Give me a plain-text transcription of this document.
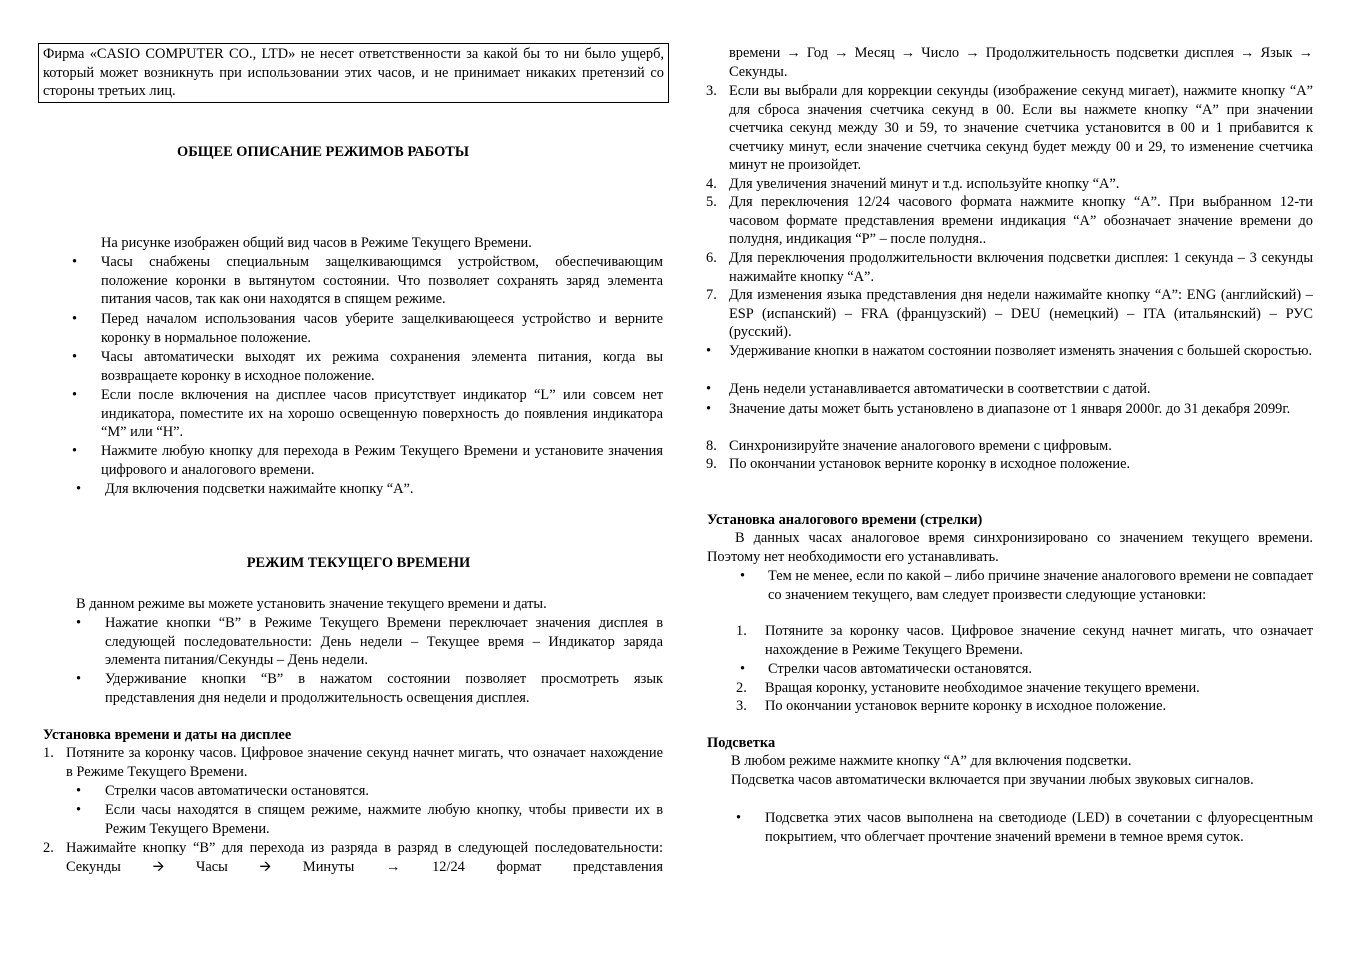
Фирма «CASIO COMPUTER CO., LTD» не несет ответственности за какой бы то ни было ущерб, который может возникнуть при использовании этих часов, и не принимает никаких претензий со стороны третьих лиц.

ОБЩЕЕ ОПИСАНИЕ РЕЖИМОВ РАБОТЫ
На рисунке изображен общий вид часов в Режиме Текущего Времени.
• Часы снабжены специальным защелкивающимся устройством, обеспечивающим положение коронки в вытянутом состоянии. Что позволяет сохранять заряд элемента питания часов, так как они находятся в спящем режиме.

• Перед началом использования часов уберите защелкивающееся устройство и верните коронку в нормальное положение.

• Часы автоматически выходят их режима сохранения элемента питания, когда вы возвращаете коронку в исходное положение.

• Если после включения на дисплее часов присутствует индикатор “L” или совсем нет индикатора, поместите их на хорошо освещенную поверхность до появления индикатора “M” или “H”.

• Нажмите любую кнопку для перехода в Режим Текущего Времени и установите значения цифрового и аналогового времени.

• Для включения подсветки нажимайте кнопку “A”.

РЕЖИМ ТЕКУЩЕГО ВРЕМЕНИ
В данном режиме вы можете установить значение текущего времени и даты.
• Нажатие кнопки “B” в Режиме Текущего Времени переключает значения дисплея в следующей последовательности: День недели – Текущее время – Индикатор заряда элемента питания/Секунды – День недели.

• Удерживание кнопки “B” в нажатом состоянии позволяет просмотреть язык представления дня недели и продолжительность освещения дисплея.

Установка времени и даты на дисплее
1. Потяните за коронку часов. Цифровое значение секунд начнет мигать, что означает нахождение в Режиме Текущего Времени.

• Стрелки часов автоматически остановятся.

• Если часы находятся в спящем режиме, нажмите любую кнопку, чтобы привести их в Режим Текущего Времени.

2. Нажимайте кнопку “B” для перехода из разряда в разряд в следующей последовательности: Секунды 🡪 Часы 🡪 Минуты → 12/24 формат представления

времени → Год → Месяц → Число → Продолжительность подсветки дисплея → Язык → Секунды.

3. Если вы выбрали для коррекции секунды (изображение секунд мигает), нажмите кнопку “A” для сброса значения счетчика секунд в 00. Если вы нажмете кнопку “A” при значении счетчика секунд между 30 и 59, то значение счетчика установится в 00 и 1 прибавится к счетчику минут, если значение счетчика секунд будет между 00 и 29, то изменение счетчика минут не произойдет.

4. Для увеличения значений минут и т.д. используйте кнопку “A”.

5. Для переключения 12/24 часового формата нажмите кнопку “A”. При выбранном 12-ти часовом формате представления времени индикация “A” обозначает значение времени до полудня, индикация “P” – после полудня..

6. Для переключения продолжительности включения подсветки дисплея: 1 секунда – 3 секунды нажимайте кнопку “A”.

7. Для изменения языка представления дня недели нажимайте кнопку “A”: ENG (английский) – ESP (испанский) – FRA (французский) – DEU (немецкий) – ITA (итальянский) – РУС (русский).

• Удерживание кнопки в нажатом состоянии позволяет изменять значения с большей скоростью.

• День недели устанавливается автоматически в соответствии с датой.

• Значение даты может быть установлено в диапазоне от 1 января 2000г. до 31 декабря 2099г.

8. Синхронизируйте значение аналогового времени с цифровым.

9. По окончании установок верните коронку в исходное положение.

Установка аналогового времени (стрелки)

В данных часах аналоговое время синхронизировано со значением текущего времени. Поэтому нет необходимости его устанавливать.

• Тем не менее, если по какой – либо причине значение аналогового времени не совпадает со значением текущего, вам следует произвести следующие установки:

1. Потяните за коронку часов. Цифровое значение секунд начнет мигать, что означает нахождение в Режиме Текущего Времени.

• Стрелки часов автоматически остановятся.

2. Вращая коронку, установите необходимое значение текущего времени.

3. По окончании установок верните коронку в исходное положение.

Подсветка
В любом режиме нажмите кнопку “A” для включения подсветки.

Подсветка часов автоматически включается при звучании любых звуковых сигналов.

• Подсветка этих часов выполнена на светодиоде (LED) в сочетании с флуоресцентным покрытием, что облегчает прочтение значений времени в темное время суток.
